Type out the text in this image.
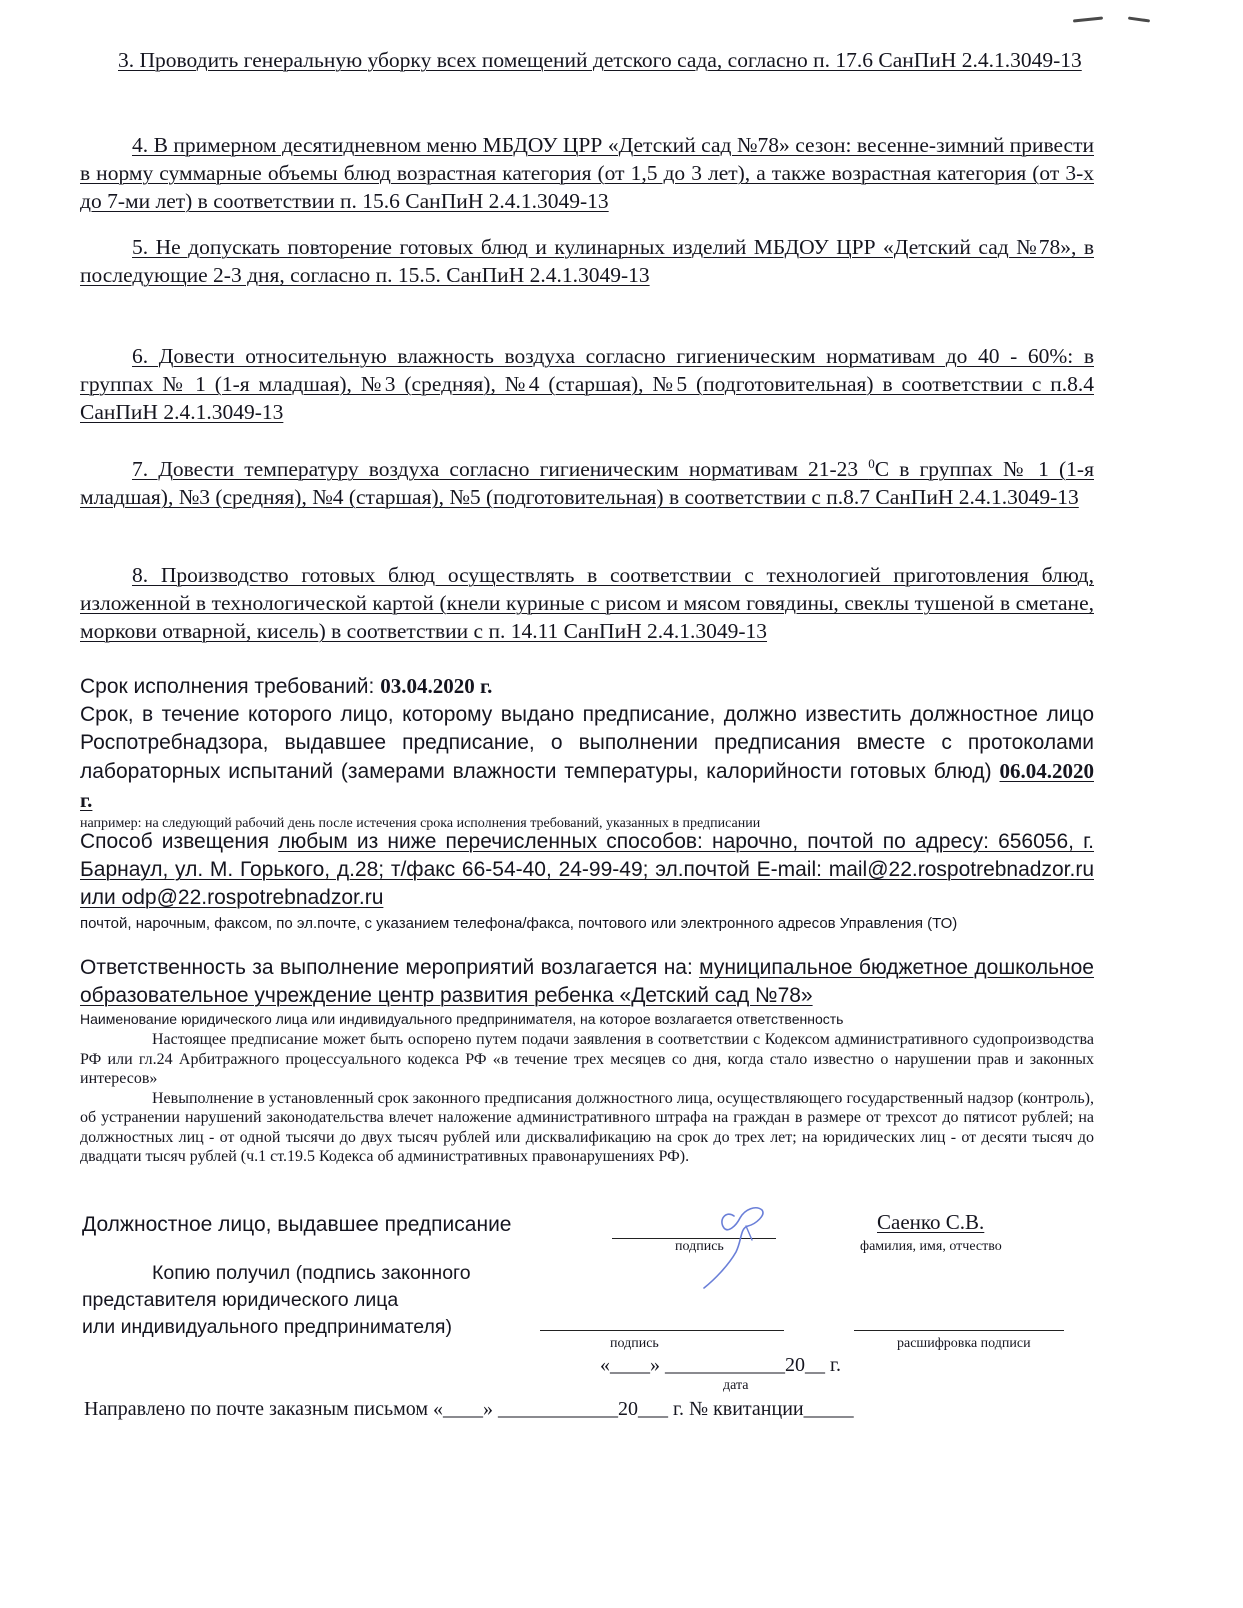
3. Проводить генеральную уборку всех помещений детского сада, согласно п. 17.6 СанПиН 2.4.1.3049-13

4. В примерном десятидневном меню МБДОУ ЦРР «Детский сад №78» сезон: весенне-зимний привести в норму суммарные объемы блюд возрастная категория (от 1,5 до 3 лет), а также возрастная категория (от 3-х до 7-ми лет) в соответствии п. 15.6 СанПиН 2.4.1.3049-13

5. Не допускать повторение готовых блюд и кулинарных изделий МБДОУ ЦРР «Детский сад №78», в последующие 2-3 дня, согласно п. 15.5. СанПиН 2.4.1.3049-13

6. Довести относительную влажность воздуха согласно гигиеническим нормативам до 40 - 60%: в группах № 1 (1-я младшая), №3 (средняя), №4 (старшая), №5 (подготовительная) в соответствии с п.8.4 СанПиН 2.4.1.3049-13

7. Довести температуру воздуха согласно гигиеническим нормативам 21-23 $^0$С в группах № 1 (1-я младшая), №3 (средняя), №4 (старшая), №5 (подготовительная) в соответствии с п.8.7 СанПиН 2.4.1.3049-13

8. Производство готовых блюд осуществлять в соответствии с технологией приготовления блюд, изложенной в технологической картой (кнели куриные с рисом и мясом говядины, свеклы тушеной в сметане, моркови отварной, кисель) в соответствии с п. 14.11 СанПиН 2.4.1.3049-13

Срок исполнения требований: 03.04.2020 г.

Срок, в течение которого лицо, которому выдано предписание, должно известить должностное лицо Роспотребнадзора, выдавшее предписание, о выполнении предписания вместе с протоколами лабораторных испытаний (замерами влажности температуры, калорийности готовых блюд) 06.04.2020 г.

например: на следующий рабочий день после истечения срока исполнения требований, указанных в предписании

Способ извещения любым из ниже перечисленных способов: нарочно, почтой по адресу: 656056, г. Барнаул, ул. М. Горького, д.28; т/факс 66-54-40, 24-99-49; эл.почтой E-mail: mail@22.rospotrebnadzor.ru или odp@22.rospotrebnadzor.ru

почтой, нарочным, факсом, по эл.почте, с указанием телефона/факса, почтового или электронного адресов Управления (ТО)

Ответственность за выполнение мероприятий возлагается на: муниципальное бюджетное дошкольное образовательное учреждение центр развития ребенка «Детский сад №78»

Наименование юридического лица или индивидуального предпринимателя, на которое возлагается ответственность

Настоящее предписание может быть оспорено путем подачи заявления в соответствии с Кодексом административного судопроизводства РФ или гл.24 Арбитражного процессуального кодекса РФ «в течение трех месяцев со дня, когда стало известно о нарушении прав и законных интересов»

Невыполнение в установленный срок законного предписания должностного лица, осуществляющего государственный надзор (контроль), об устранении нарушений законодательства влечет наложение административного штрафа на граждан в размере от трехсот до пятисот рублей; на должностных лиц - от одной тысячи до двух тысяч рублей или дисквалификацию на срок до трех лет; на юридических лиц - от десяти тысяч до двадцати тысяч рублей (ч.1 ст.19.5 Кодекса об административных правонарушениях РФ).

Должностное лицо, выдавшее предписание
подпись
Саенко С.В.
фамилия, имя, отчество
Копию получил (подпись законного
представителя юридического лица
или индивидуального предпринимателя)
подпись	расшифровка подписи
«____» ____________20__ г.
дата
Направлено по почте заказным письмом «____» ____________20___ г. № квитанции_____
